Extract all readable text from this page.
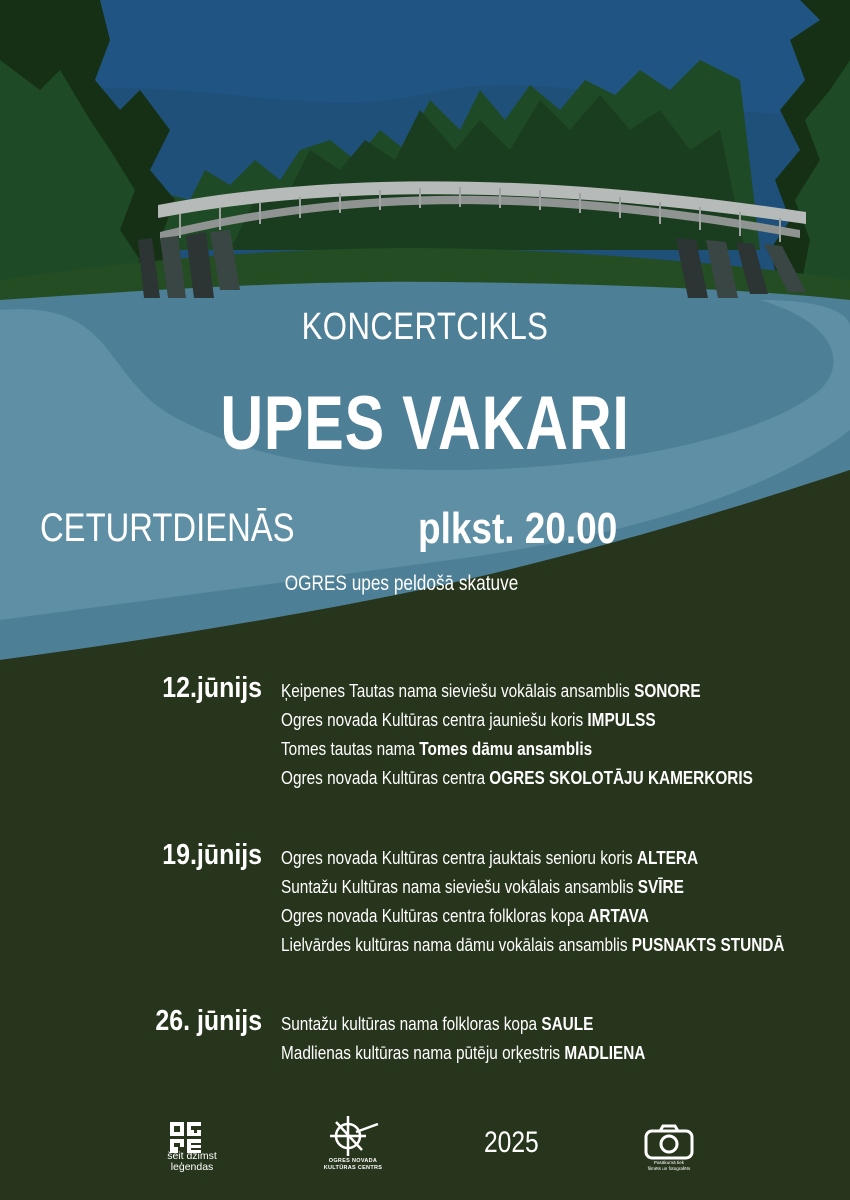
KONCERTCIKLS
UPES VAKARI
CETURTDIENĀS	plkst. 20.00
OGRES upes peldošā skatuve
12.jūnijs Ķeipenes Tautas nama sieviešu vokālais ansamblis SONORE
Ogres novada Kultūras centra jauniešu koris IMPULSS
Tomes tautas nama Tomes dāmu ansamblis
Ogres novada Kultūras centra OGRES SKOLOTĀJU KAMERKORIS
19.jūnijs Ogres novada Kultūras centra jauktais senioru koris ALTERA
Suntažu Kultūras nama sieviešu vokālais ansamblis SVĪRE
Ogres novada Kultūras centra folkloras kopa ARTAVA
Lielvārdes kultūras nama dāmu vokālais ansamblis PUSNAKTS STUNDĀ
26. jūnijs Suntažu kultūras nama folkloras kopa SAULE
Madlienas kultūras nama pūtēju orķestris MADLIENA
šeit dzimst
leģendas	OGRES NOVADA
KULTŪRAS CENTRS
2025
Pasākumā tiek
filmēts un fotografēts
